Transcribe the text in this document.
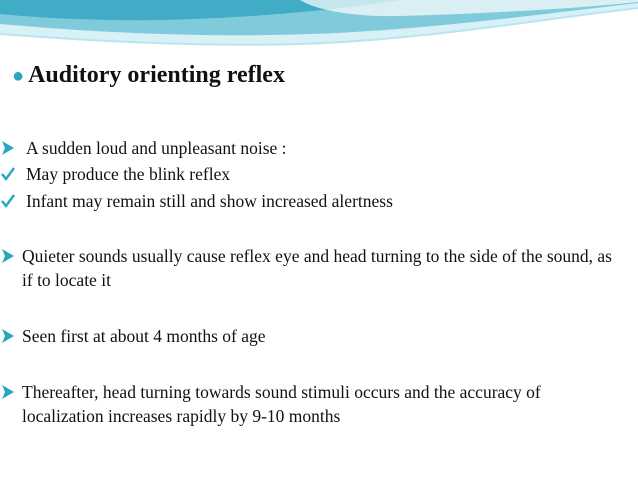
● Auditory orienting reflex
A sudden loud and unpleasant noise :
May produce the blink reflex
Infant may remain still and show increased alertness
Quieter sounds usually cause reflex eye and head turning to the side of the sound, as if to locate it
Seen first at about 4 months of age
Thereafter, head turning towards sound stimuli occurs and the accuracy of localization increases rapidly by 9-10 months
